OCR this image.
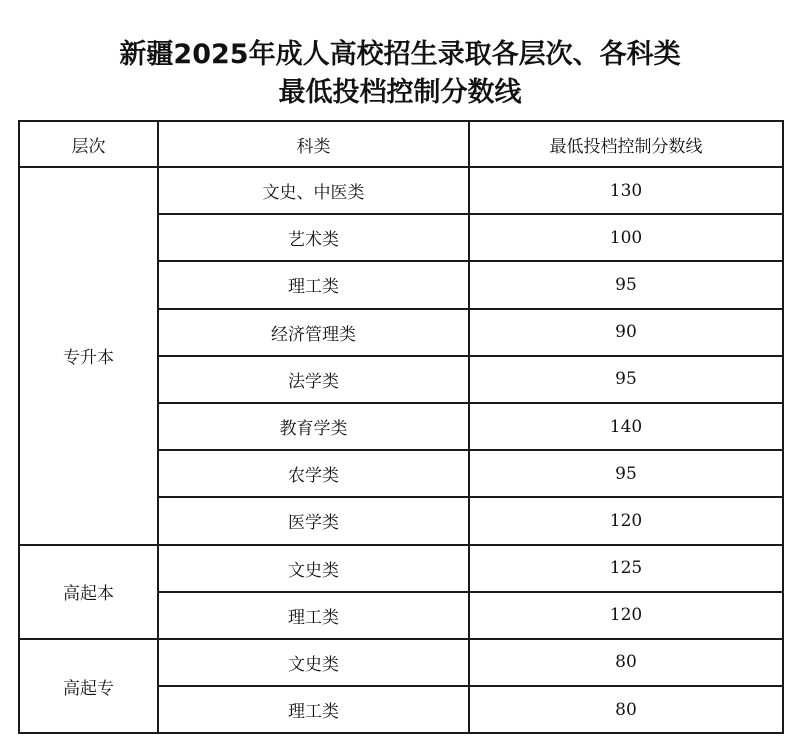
新疆2025年成人高校招生录取各层次、各科类
最低投档控制分数线
层次	科类	最低投档控制分数线
专升本	文史、中医类	130
	艺术类	100
	理工类	95
	经济管理类	90
	法学类	95
	教育学类	140
	农学类	95
	医学类	120
高起本	文史类	125
	理工类	120
高起专	文史类	80
	理工类	80
